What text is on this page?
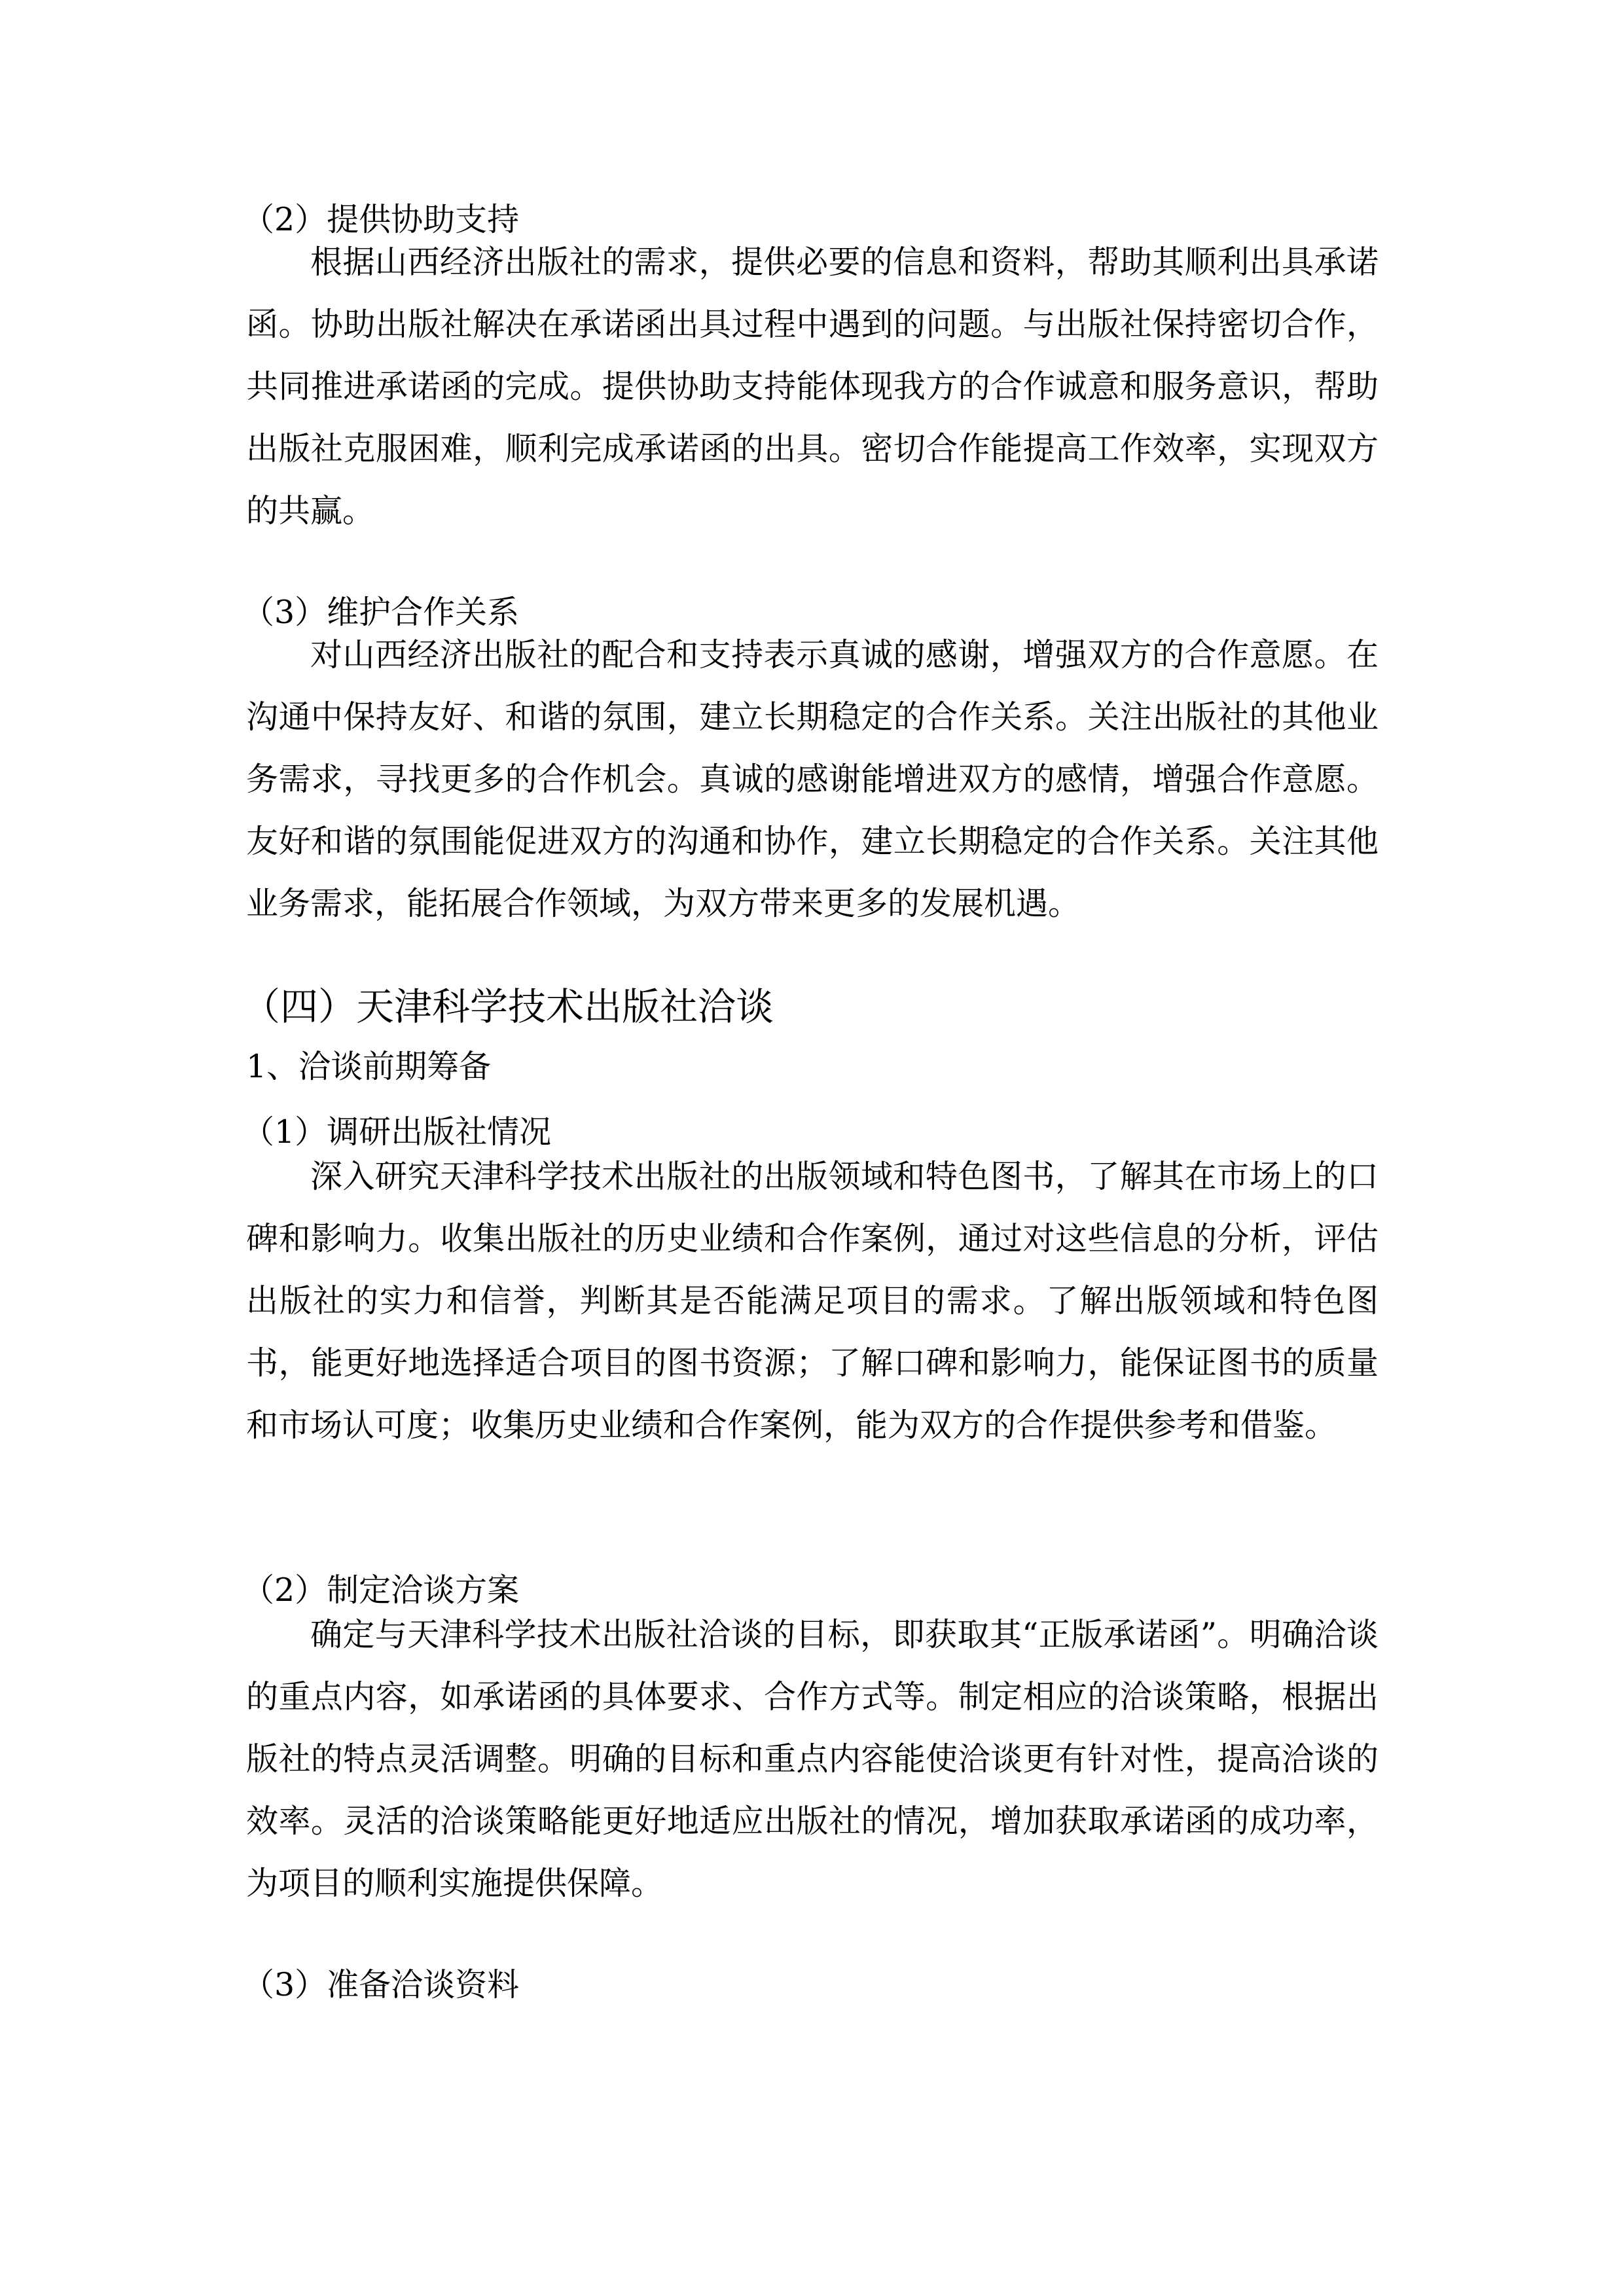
（2）提供协助支持

根据山西经济出版社的需求，提供必要的信息和资料，帮助其顺利出具承诺函。协助出版社解决在承诺函出具过程中遇到的问题。与出版社保持密切合作，共同推进承诺函的完成。提供协助支持能体现我方的合作诚意和服务意识，帮助出版社克服困难，顺利完成承诺函的出具。密切合作能提高工作效率，实现双方的共赢。

（3）维护合作关系

对山西经济出版社的配合和支持表示真诚的感谢，增强双方的合作意愿。在沟通中保持友好、和谐的氛围，建立长期稳定的合作关系。关注出版社的其他业务需求，寻找更多的合作机会。真诚的感谢能增进双方的感情，增强合作意愿。友好和谐的氛围能促进双方的沟通和协作，建立长期稳定的合作关系。关注其他业务需求，能拓展合作领域，为双方带来更多的发展机遇。

（四）天津科学技术出版社洽谈
1、洽谈前期筹备
（1）调研出版社情况

深入研究天津科学技术出版社的出版领域和特色图书，了解其在市场上的口碑和影响力。收集出版社的历史业绩和合作案例，通过对这些信息的分析，评估出版社的实力和信誉，判断其是否能满足项目的需求。了解出版领域和特色图书，能更好地选择适合项目的图书资源；了解口碑和影响力，能保证图书的质量和市场认可度；收集历史业绩和合作案例，能为双方的合作提供参考和借鉴。

（2）制定洽谈方案

确定与天津科学技术出版社洽谈的目标，即获取其“正版承诺函”。明确洽谈的重点内容，如承诺函的具体要求、合作方式等。制定相应的洽谈策略，根据出版社的特点灵活调整。明确的目标和重点内容能使洽谈更有针对性，提高洽谈的效率。灵活的洽谈策略能更好地适应出版社的情况，增加获取承诺函的成功率，为项目的顺利实施提供保障。

（3）准备洽谈资料
